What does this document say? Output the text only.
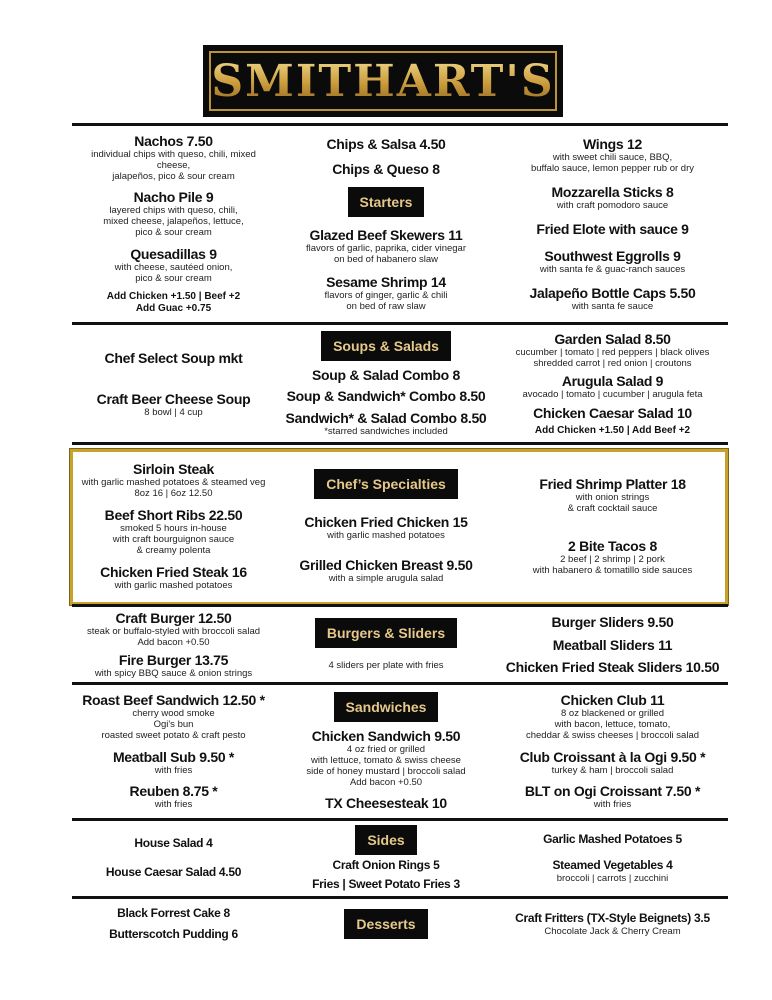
SMITHART'S
Nachos 7.50
individual chips with queso, chili, mixed
cheese,
jalapeños, pico & sour cream
Nacho Pile 9
layered chips with queso, chili,
mixed cheese, jalapeños, lettuce,
pico & sour cream
Quesadillas 9
with cheese, sautéed onion,
pico & sour cream
Add Chicken +1.50 | Beef +2
Add Guac +0.75
Chips & Salsa 4.50
Chips & Queso 8
Starters
Glazed Beef Skewers 11
flavors of garlic, paprika, cider vinegar
on bed of habanero slaw
Sesame Shrimp 14
flavors of ginger, garlic & chili
on bed of raw slaw
Wings 12
with sweet chili sauce, BBQ,
buffalo sauce, lemon pepper rub or dry
Mozzarella Sticks 8
with craft pomodoro sauce
Fried Elote with sauce 9
Southwest Eggrolls 9
with santa fe & guac-ranch sauces
Jalapeño Bottle Caps 5.50
with santa fe sauce
Chef Select Soup mkt
Craft Beer Cheese Soup
8 bowl | 4 cup
Soups & Salads
Soup & Salad Combo 8
Soup & Sandwich* Combo 8.50
Sandwich* & Salad Combo 8.50
*starred sandwiches included
Garden Salad 8.50
cucumber | tomato | red peppers | black olives
shredded carrot | red onion | croutons
Arugula Salad 9
avocado | tomato | cucumber | arugula feta
Chicken Caesar Salad 10
Add Chicken +1.50 | Add Beef +2
Sirloin Steak
with garlic mashed potatoes & steamed veg
8oz 16 | 6oz 12.50
Beef Short Ribs 22.50
smoked 5 hours in-house
with craft bourguignon sauce
& creamy polenta
Chicken Fried Steak 16
with garlic mashed potatoes
Chef’s Specialties
Chicken Fried Chicken 15
with garlic mashed potatoes
Grilled Chicken Breast 9.50
with a simple arugula salad
Fried Shrimp Platter 18
with onion strings
& craft cocktail sauce
2 Bite Tacos 8
2 beef | 2 shrimp | 2 pork
with habanero & tomatillo side sauces
Craft Burger 12.50
steak or buffalo-styled with broccoli salad
Add bacon +0.50
Fire Burger 13.75
with spicy BBQ sauce & onion strings
Burgers & Sliders
4 sliders per plate with fries
Burger Sliders 9.50
Meatball Sliders 11
Chicken Fried Steak Sliders 10.50
Roast Beef Sandwich 12.50 *
cherry wood smoke
Ogi's bun
roasted sweet potato & craft pesto
Meatball Sub 9.50 *
with fries
Reuben 8.75 *
with fries
Sandwiches
Chicken Sandwich 9.50
4 oz fried or grilled
with lettuce, tomato & swiss cheese
side of honey mustard | broccoli salad
Add bacon +0.50
TX Cheesesteak 10
Chicken Club 11
8 oz blackened or grilled
with bacon, lettuce, tomato,
cheddar & swiss cheeses | broccoli salad
Club Croissant à la Ogi 9.50 *
turkey & ham | broccoli salad
BLT on Ogi Croissant 7.50 *
with fries
House Salad 4
House Caesar Salad 4.50
Sides
Craft Onion Rings 5
Fries | Sweet Potato Fries 3
Garlic Mashed Potatoes 5
Steamed Vegetables 4
broccoli | carrots | zucchini
Black Forrest Cake 8
Butterscotch Pudding 6
Desserts	Craft Fritters (TX-Style Beignets) 3.5
Chocolate Jack & Cherry Cream
